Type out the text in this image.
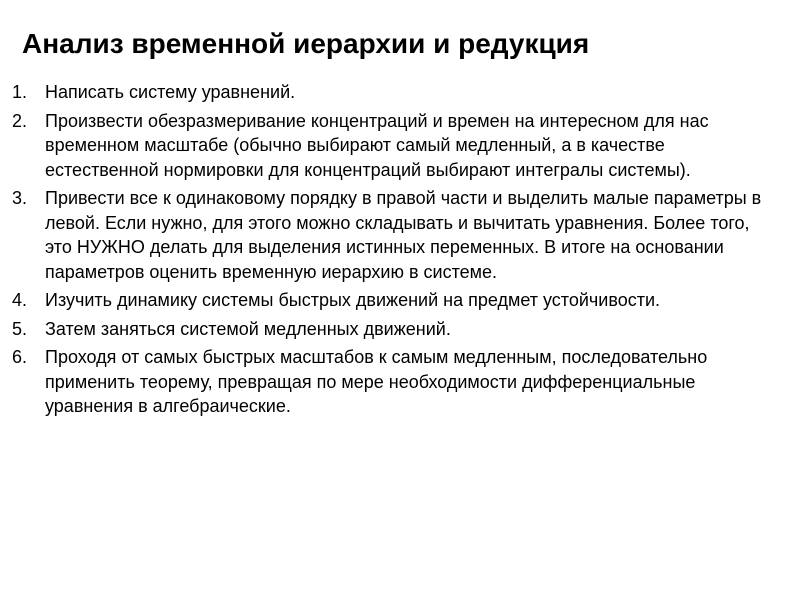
Анализ временной иерархии и редукция
1. Написать систему уравнений.
2. Произвести обезразмеривание концентраций и времен на интересном для нас временном масштабе (обычно выбирают самый медленный, а в качестве естественной нормировки для концентраций выбирают интегралы системы).
3. Привести все к одинаковому порядку в правой части и выделить малые параметры в левой. Если нужно, для этого можно складывать и вычитать уравнения. Более того, это НУЖНО делать для выделения истинных переменных. В итоге на основании параметров оценить временную иерархию в системе.
4. Изучить динамику системы быстрых движений на предмет устойчивости.
5. Затем заняться системой медленных движений.
6. Проходя от самых быстрых масштабов к самым медленным, последовательно применить теорему, превращая по мере необходимости дифференциальные уравнения в алгебраические.
